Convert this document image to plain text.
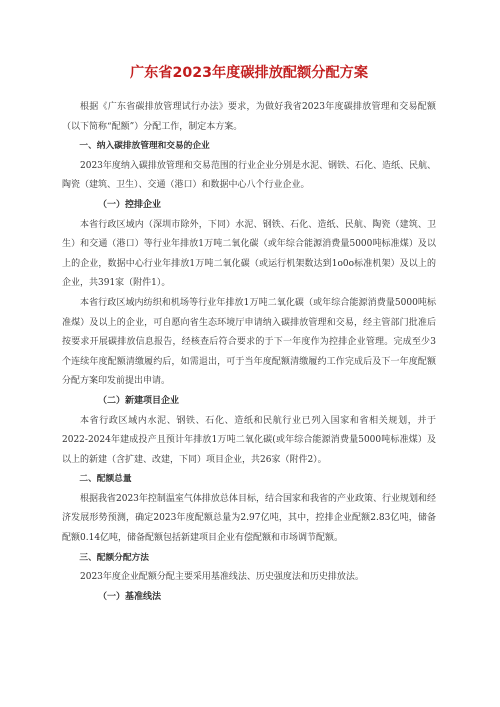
广东省2023年度碳排放配额分配方案

根据《广东省碳排放管理试行办法》要求，为做好我省2023年度碳排放管理和交易配额（以下简称“配额”）分配工作，制定本方案。

一、纳入碳排放管理和交易的企业

2023年度纳入碳排放管理和交易范围的行业企业分别是水泥、钢铁、石化、造纸、民航、陶瓷（建筑、卫生）、交通（港口）和数据中心八个行业企业。

（一）控排企业

本省行政区域内（深圳市除外，下同）水泥、钢铁、石化、造纸、民航、陶瓷（建筑、卫生）和交通（港口）等行业年排放1万吨二氧化碳（或年综合能源消费量5000吨标准煤）及以上的企业，数据中心行业年排放1万吨二氧化碳（或运行机架数达到1o0o标准机架）及以上的企业，共391家（附件1）。

本省行政区域内纺织和机场等行业年排放1万吨二氧化碳（或年综合能源消费量5000吨标准煤）及以上的企业，可自愿向省生态环境厅申请纳入碳排放管理和交易，经主管部门批准后按要求开展碳排放信息报告，经核查后符合要求的于下一年度作为控排企业管理。完成至少3个连续年度配额清缴履约后，如需退出，可于当年度配额清缴履约工作完成后及下一年度配额分配方案印发前提出申请。

（二）新建项目企业

本省行政区域内水泥、钢铁、石化、造纸和民航行业已列入国家和省相关规划，并于2022-2024年建成投产且预计年排放1万吨二氧化碳(或年综合能源消费量5000吨标准煤）及以上的新建（含扩建、改建，下同）项目企业，共26家（附件2）。

二、配额总量

根据我省2023年控制温室气体排放总体目标，结合国家和我省的产业政策、行业规划和经济发展形势预测，确定2023年度配额总量为2.97亿吨，其中，控排企业配额2.83亿吨，储备配额0.14亿吨，储备配额包括新建项目企业有偿配额和市场调节配额。

三、配额分配方法

2023年度企业配额分配主要采用基准线法、历史强度法和历史排放法。

（一）基准线法
